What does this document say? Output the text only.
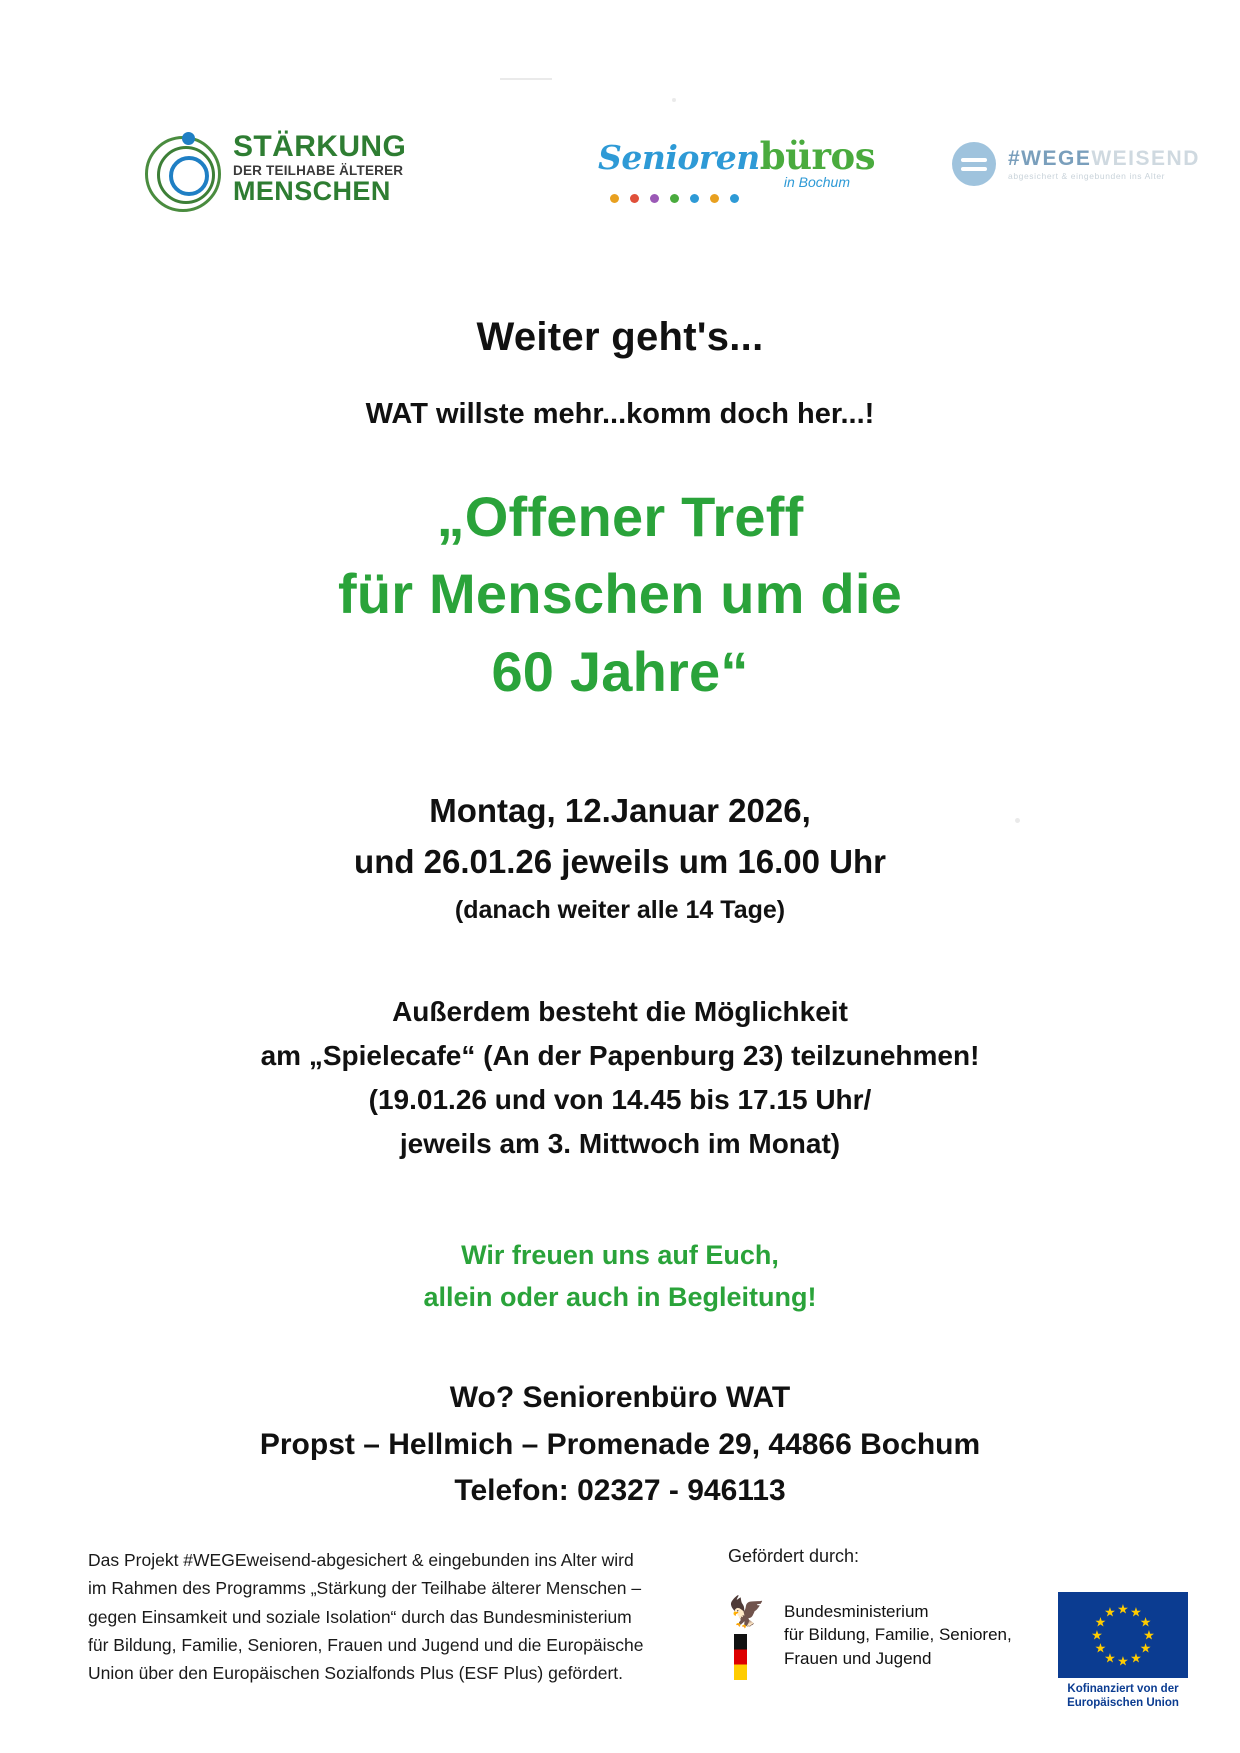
STÄRKUNG
DER TEILHABE ÄLTERER
MENSCHEN
Seniorenbüros
in Bochum
#WEGEWEISEND
abgesichert & eingebunden ins Alter
Weiter geht's...
WAT willste mehr...komm doch her...!
„Offener Treff
für Menschen um die
60 Jahre“
Montag, 12.Januar 2026,
und 26.01.26 jeweils um 16.00 Uhr
(danach weiter alle 14 Tage)
Außerdem besteht die Möglichkeit
am „Spielecafe“ (An der Papenburg 23) teilzunehmen!
(19.01.26 und von 14.45 bis 17.15 Uhr/
jeweils am 3. Mittwoch im Monat)
Wir freuen uns auf Euch,
allein oder auch in Begleitung!
Wo? Seniorenbüro WAT
Propst – Hellmich – Promenade 29, 44866 Bochum
Telefon: 02327 - 946113
Das Projekt #WEGEweisend-abgesichert & eingebunden ins Alter wird im Rahmen des Programms „Stärkung der Teilhabe älterer Menschen – gegen Einsamkeit und soziale Isolation“ durch das Bundesministerium für Bildung, Familie, Senioren, Frauen und Jugend und die Europäische Union über den Europäischen Sozialfonds Plus (ESF Plus) gefördert.
Gefördert durch:
🦅 Bundesministerium
für Bildung, Familie, Senioren,
Frauen und Jugend
★ ★
★
★
★
★
★
★
★
★
★
★
Kofinanziert von der
Europäischen Union
